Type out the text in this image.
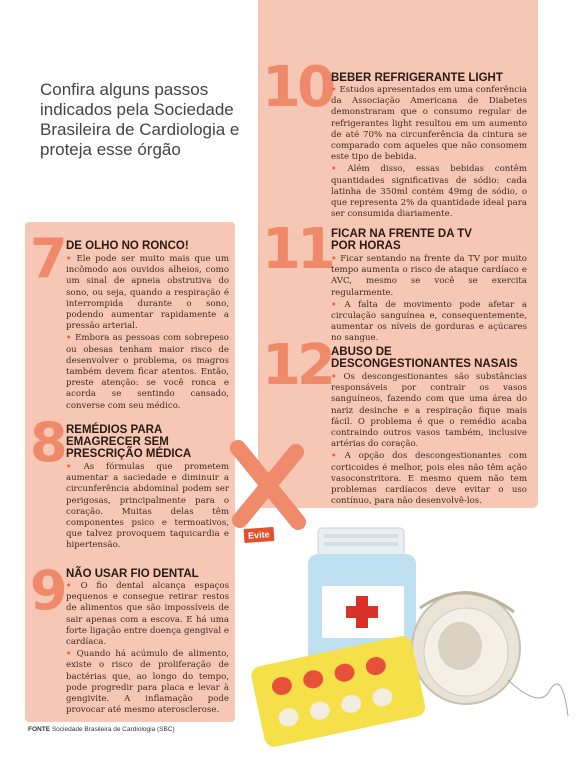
Confira alguns passos indicados pela Sociedade Brasileira de Cardiologia e proteja esse órgão
7 DE OLHO NO RONCO!

• Ele pode ser muito mais que um incômodo aos ouvidos alheios, como um sinal de apneia obstrutiva do sono, ou seja, quando a respiração é interrompida durante o sono, podendo aumentar rapidamente a pressão arterial.

• Embora as pessoas com sobrepeso ou obesas tenham maior risco de desenvolver o problema, os magros também devem ficar atentos. Então, preste atenção: se você ronca e acorda se sentindo cansado, converse com seu médico.

8 REMÉDIOS PARA EMAGRECER SEM PRESCRIÇÃO MÉDICA

• As fórmulas que prometem aumentar a saciedade e diminuir a circunferência abdominal podem ser perigosas, principalmente para o coração. Muitas delas têm componentes psico e termoativos, que talvez provoquem taquicardia e hipertensão.

9 NÃO USAR FIO DENTAL

• O fio dental alcança espaços pequenos e consegue retirar restos de alimentos que são impossíveis de sair apenas com a escova. E há uma forte ligação entre doença gengival e cardíaca.

• Quando há acúmulo de alimento, existe o risco de proliferação de bactérias que, ao longo do tempo, pode progredir para placa e levar à gengivite. A inflamação pode provocar até mesmo aterosclerose.

10 BEBER REFRIGERANTE LIGHT

• Estudos apresentados em uma conferência da Associação Americana de Diabetes demonstraram que o consumo regular de refrigerantes light resultou em um aumento de até 70% na circunferência da cintura se comparado com aqueles que não consomem este tipo de bebida.

• Além disso, essas bebidas contêm quantidades significativas de sódio: cada latinha de 350ml contém 49mg de sódio, o que representa 2% da quantidade ideal para ser consumida diariamente.

11 FICAR NA FRENTE DA TV POR HORAS

• Ficar sentando na frente da TV por muito tempo aumenta o risco de ataque cardíaco e AVC, mesmo se você se exercita regularmente.

• A falta de movimento pode afetar a circulação sanguínea e, consequentemente, aumentar os níveis de gorduras e açúcares no sangue.

12 ABUSO DE DESCONGESTIONANTES NASAIS

• Os descongestionantes são substâncias responsáveis por contrair os vasos sanguíneos, fazendo com que uma área do nariz desinche e a respiração fique mais fácil. O problema é que o remédio acaba contraindo outros vasos também, inclusive artérias do coração.

• A opção dos descongestionantes com corticoides é melhor, pois eles não têm ação vasoconstritora. E mesmo quem não tem problemas cardíacos deve evitar o uso contínuo, para não desenvolvê-los.

Evite
FONTE Sociedade Brasileira de Cardiologia (SBC)
